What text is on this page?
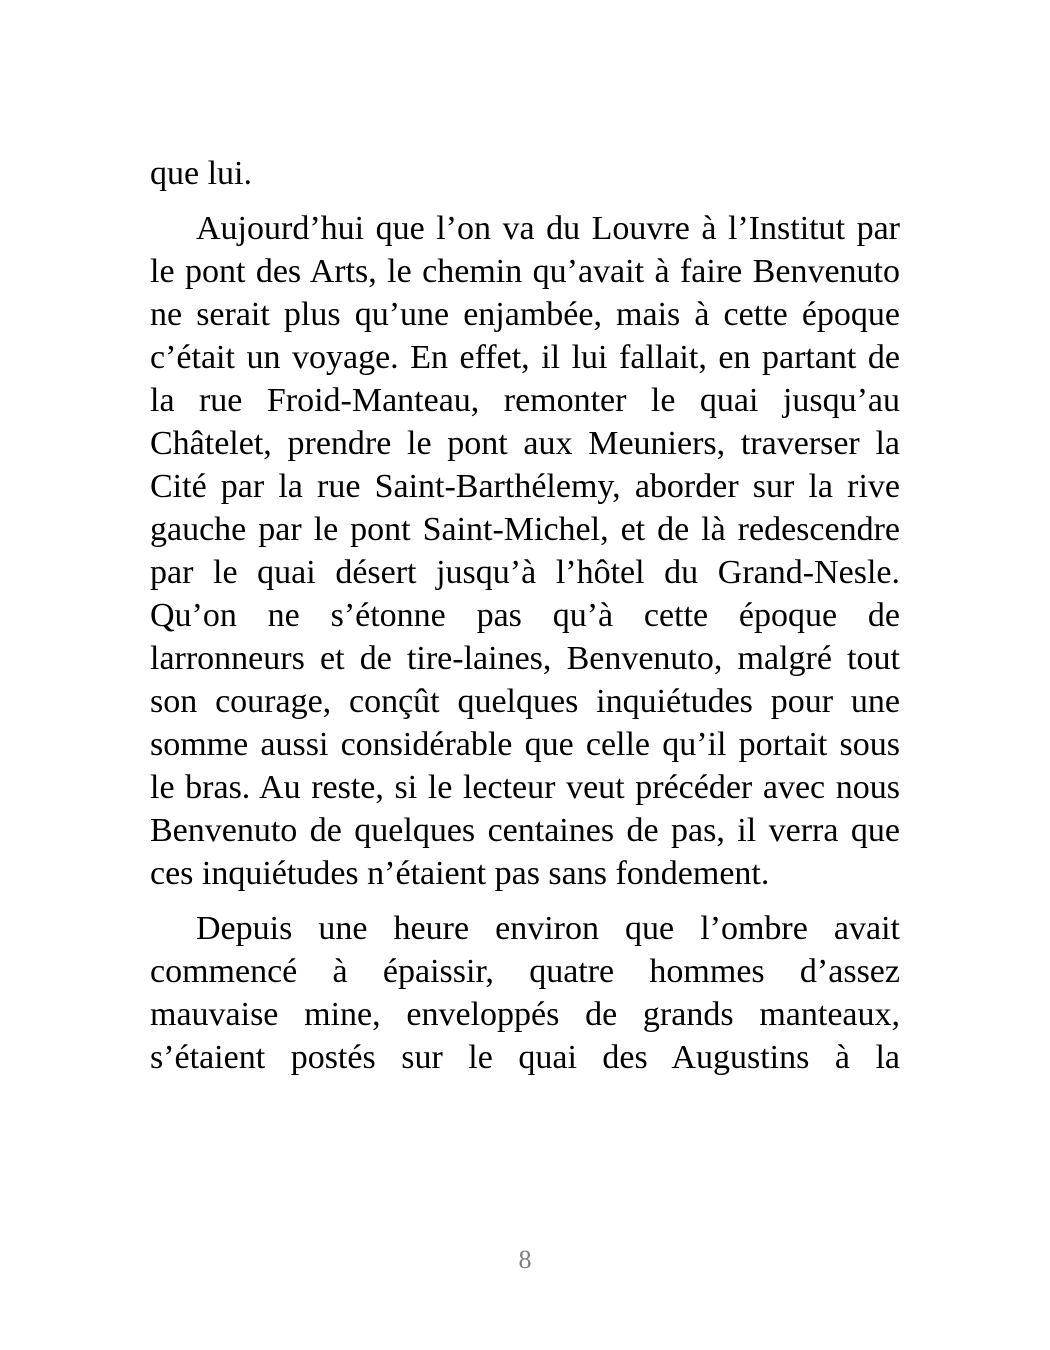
que lui.

Aujourd’hui que l’on va du Louvre à l’Institut par le pont des Arts, le chemin qu’avait à faire Benvenuto ne serait plus qu’une enjambée, mais à cette époque c’était un voyage. En effet, il lui fallait, en partant de la rue Froid-Manteau, remonter le quai jusqu’au Châtelet, prendre le pont aux Meuniers, traverser la Cité par la rue Saint-Barthélemy, aborder sur la rive gauche par le pont Saint-Michel, et de là redescendre par le quai désert jusqu’à l’hôtel du Grand-Nesle. Qu’on ne s’étonne pas qu’à cette époque de larronneurs et de tire-laines, Benvenuto, malgré tout son courage, conçût quelques inquiétudes pour une somme aussi considérable que celle qu’il portait sous le bras. Au reste, si le lecteur veut précéder avec nous Benvenuto de quelques centaines de pas, il verra que ces inquiétudes n’étaient pas sans fondement.

Depuis une heure environ que l’ombre avait commencé à épaissir, quatre hommes d’assez mauvaise mine, enveloppés de grands manteaux, s’étaient postés sur le quai des Augustins à la

8
